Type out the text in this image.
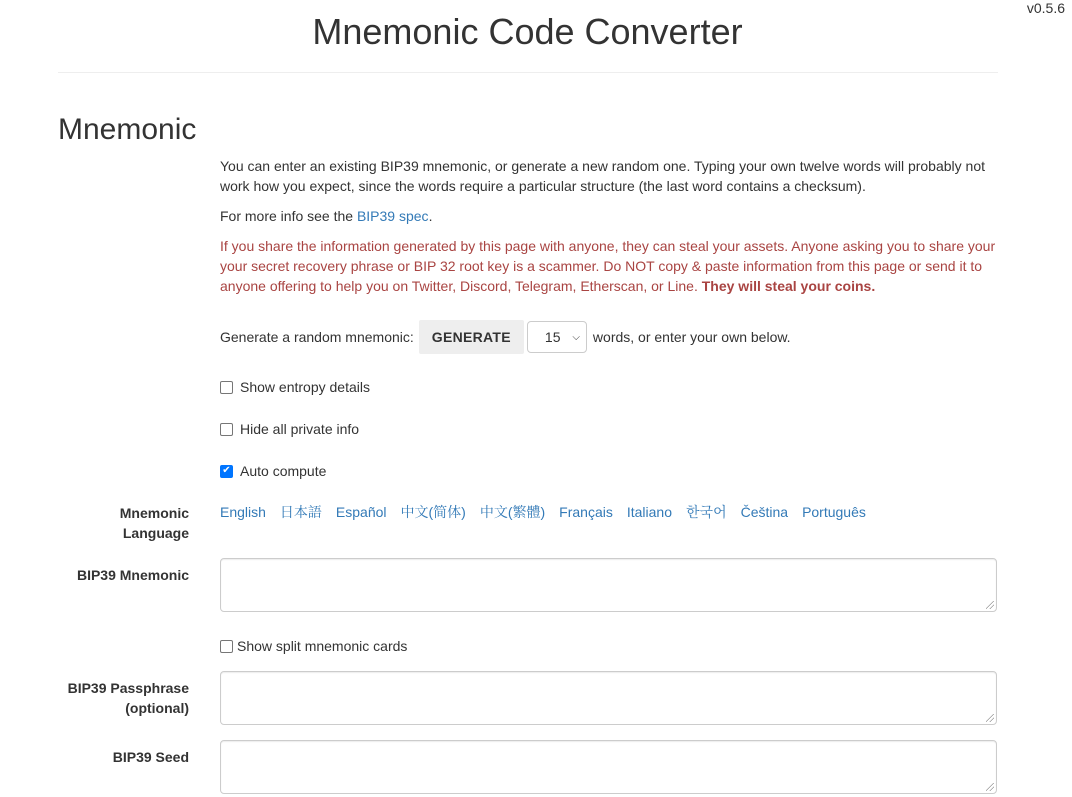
v0.5.6
Mnemonic Code Converter
Mnemonic

You can enter an existing BIP39 mnemonic, or generate a new random one. Typing your own twelve words will probably not work how you expect, since the words require a particular structure (the last word contains a checksum).

For more info see the BIP39 spec.

If you share the information generated by this page with anyone, they can steal your assets. Anyone asking you to share your your secret recovery phrase or BIP 32 root key is a scammer. Do NOT copy & paste information from this page or send it to anyone offering to help you on Twitter, Discord, Telegram, Etherscan, or Line. They will steal your coins.

Generate a random mnemonic:	GENERATE	15 ⌵ words, or enter your own below.
Show entropy details
Hide all private info
✔ Auto compute
Mnemonic
Language
English 日本語 Español 中文(简体) 中文(繁體) Français Italiano 한국어 Čeština Português
BIP39 Mnemonic
Show split mnemonic cards
BIP39 Passphrase
(optional)
BIP39 Seed
